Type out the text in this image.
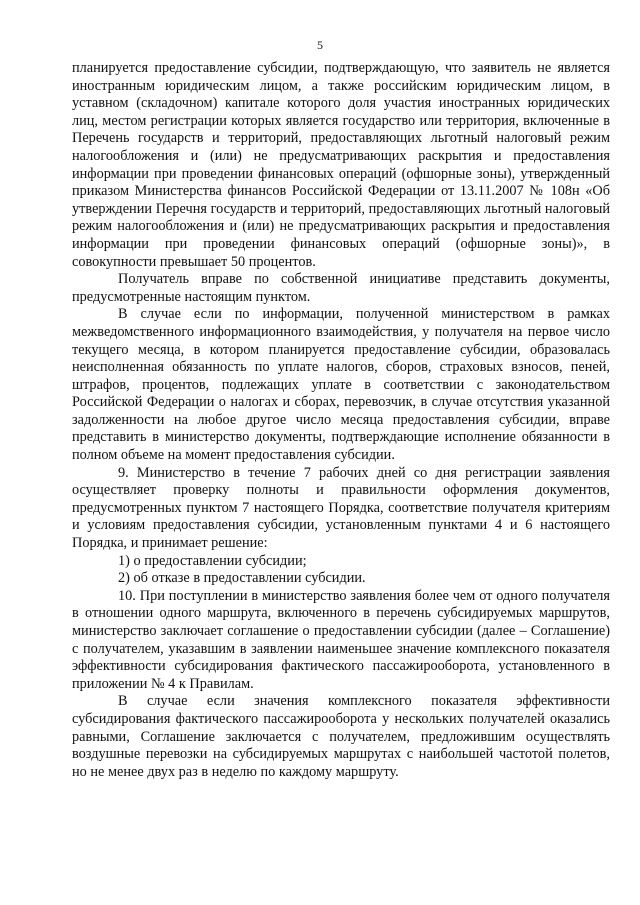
5

планируется предоставление субсидии, подтверждающую, что заявитель не является иностранным юридическим лицом, а также российским юридическим лицом, в уставном (складочном) капитале которого доля участия иностранных юридических лиц, местом регистрации которых является государство или территория, включенные в Перечень государств и территорий, предоставляющих льготный налоговый режим налогообложения и (или) не предусматривающих раскрытия и предоставления информации при проведении финансовых операций (офшорные зоны), утвержденный приказом Министерства финансов Российской Федерации от 13.11.2007 № 108н «Об утверждении Перечня государств и территорий, предоставляющих льготный налоговый режим налогообложения и (или) не предусматривающих раскрытия и предоставления информации при проведении финансовых операций (офшорные зоны)», в совокупности превышает 50 процентов.

Получатель вправе по собственной инициативе представить документы, предусмотренные настоящим пунктом.

В случае если по информации, полученной министерством в рамках межведомственного информационного взаимодействия, у получателя на первое число текущего месяца, в котором планируется предоставление субсидии, образовалась неисполненная обязанность по уплате налогов, сборов, страховых взносов, пеней, штрафов, процентов, подлежащих уплате в соответствии с законодательством Российской Федерации о налогах и сборах, перевозчик, в случае отсутствия указанной задолженности на любое другое число месяца предоставления субсидии, вправе представить в министерство документы, подтверждающие исполнение обязанности в полном объеме на момент предоставления субсидии.

9. Министерство в течение 7 рабочих дней со дня регистрации заявления осуществляет проверку полноты и правильности оформления документов, предусмотренных пунктом 7 настоящего Порядка, соответствие получателя критериям и условиям предоставления субсидии, установленным пунктами 4 и 6 настоящего Порядка, и принимает решение:

1) о предоставлении субсидии;

2) об отказе в предоставлении субсидии.

10. При поступлении в министерство заявления более чем от одного получателя в отношении одного маршрута, включенного в перечень субсидируемых маршрутов, министерство заключает соглашение о предоставлении субсидии (далее – Соглашение) с получателем, указавшим в заявлении наименьшее значение комплексного показателя эффективности субсидирования фактического пассажирооборота, установленного в приложении № 4 к Правилам.

В случае если значения комплексного показателя эффективности субсидирования фактического пассажирооборота у нескольких получателей оказались равными, Соглашение заключается с получателем, предложившим осуществлять воздушные перевозки на субсидируемых маршрутах с наибольшей частотой полетов, но не менее двух раз в неделю по каждому маршруту.
